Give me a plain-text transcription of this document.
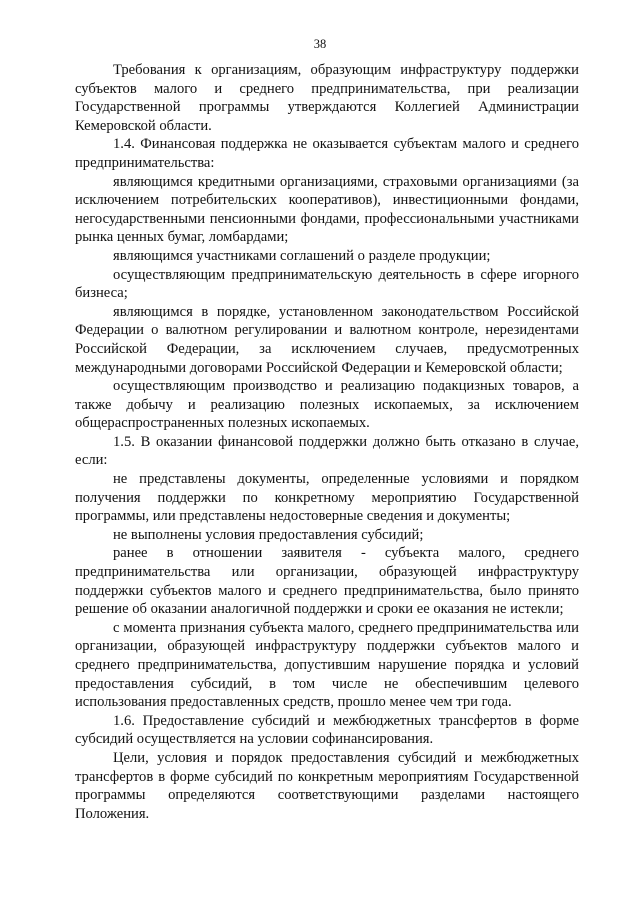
38

Требования к организациям, образующим инфраструктуру поддержки субъектов малого и среднего предпринимательства, при реализации Государственной программы утверждаются Коллегией Администрации Кемеровской области.

1.4. Финансовая поддержка не оказывается субъектам малого и среднего предпринимательства:

являющимся кредитными организациями, страховыми организациями (за исключением потребительских кооперативов), инвестиционными фондами, негосударственными пенсионными фондами, профессиональными участниками рынка ценных бумаг, ломбардами;

являющимся участниками соглашений о разделе продукции;

осуществляющим предпринимательскую деятельность в сфере игорного бизнеса;

являющимся в порядке, установленном законодательством Российской Федерации о валютном регулировании и валютном контроле, нерезидентами Российской Федерации, за исключением случаев, предусмотренных международными договорами Российской Федерации и Кемеровской области;

осуществляющим производство и реализацию подакцизных товаров, а также добычу и реализацию полезных ископаемых, за исключением общераспространенных полезных ископаемых.

1.5. В оказании финансовой поддержки должно быть отказано в случае, если:

не представлены документы, определенные условиями и порядком получения поддержки по конкретному мероприятию Государственной программы, или представлены недостоверные сведения и документы;

не выполнены условия предоставления субсидий;

ранее в отношении заявителя - субъекта малого, среднего предпринимательства или организации, образующей инфраструктуру поддержки субъектов малого и среднего предпринимательства, было принято решение об оказании аналогичной поддержки и сроки ее оказания не истекли;

с момента признания субъекта малого, среднего предпринимательства или организации, образующей инфраструктуру поддержки субъектов малого и среднего предпринимательства, допустившим нарушение порядка и условий предоставления субсидий, в том числе не обеспечившим целевого использования предоставленных средств, прошло менее чем три года.

1.6. Предоставление субсидий и межбюджетных трансфертов в форме субсидий осуществляется на условии софинансирования.

Цели, условия и порядок предоставления субсидий и межбюджетных трансфертов в форме субсидий по конкретным мероприятиям Государственной программы определяются соответствующими разделами настоящего Положения.
